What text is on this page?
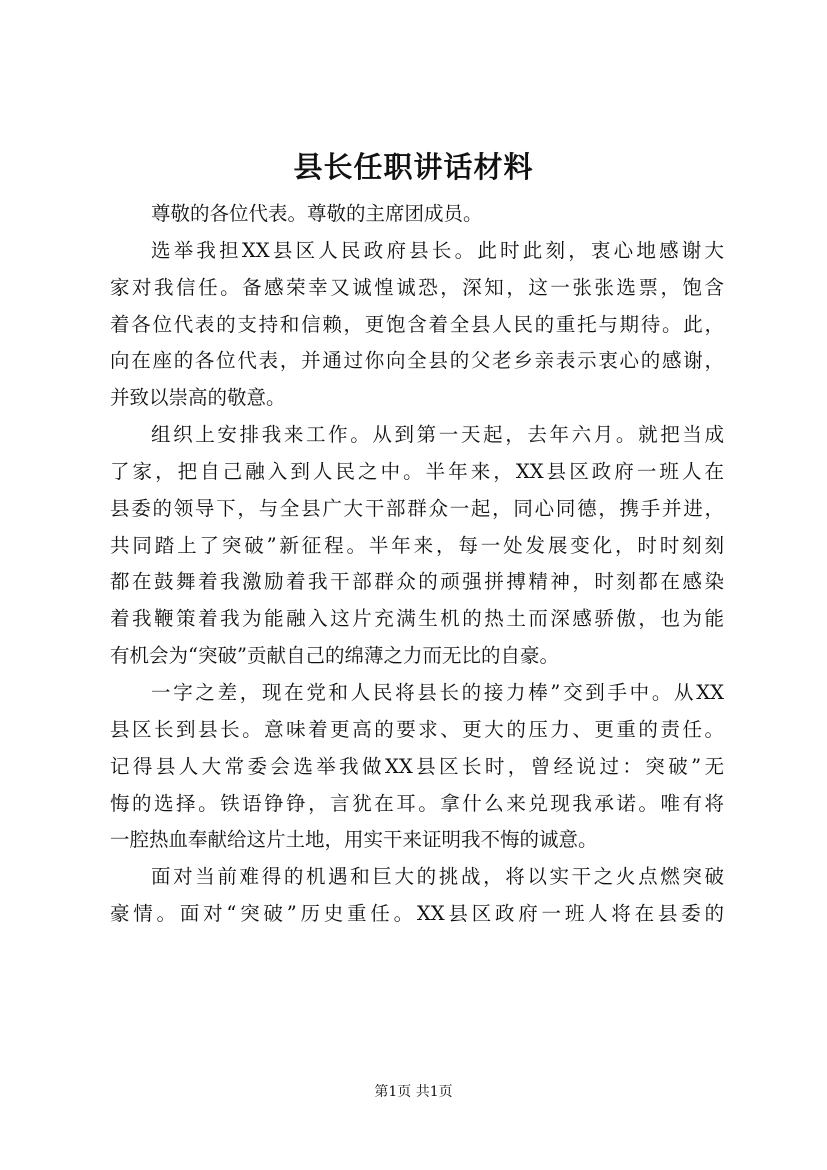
县长任职讲话材料
尊敬的各位代表。尊敬的主席团成员。
选举我担XX县区人民政府县长。此时此刻，衷心地感谢大
家对我信任。备感荣幸又诚惶诚恐，深知，这一张张选票，饱含
着各位代表的支持和信赖，更饱含着全县人民的重托与期待。此，
向在座的各位代表，并通过你向全县的父老乡亲表示衷心的感谢，
并致以崇高的敬意。
组织上安排我来工作。从到第一天起，去年六月。就把当成
了家，把自己融入到人民之中。半年来，XX县区政府一班人在
县委的领导下，与全县广大干部群众一起，同心同德，携手并进，
共同踏上了突破”新征程。半年来，每一处发展变化，时时刻刻
都在鼓舞着我激励着我干部群众的顽强拼搏精神，时刻都在感染
着我鞭策着我为能融入这片充满生机的热土而深感骄傲，也为能
有机会为“突破”贡献自己的绵薄之力而无比的自豪。
一字之差，现在党和人民将县长的接力棒”交到手中。从XX
县区长到县长。意味着更高的要求、更大的压力、更重的责任。
记得县人大常委会选举我做XX县区长时，曾经说过：突破”无
悔的选择。铁语铮铮，言犹在耳。拿什么来兑现我承诺。唯有将
一腔热血奉献给这片土地，用实干来证明我不悔的诚意。
面对当前难得的机遇和巨大的挑战，将以实干之火点燃突破
豪情。面对“突破”历史重任。XX县区政府一班人将在县委的
第1页 共1页
